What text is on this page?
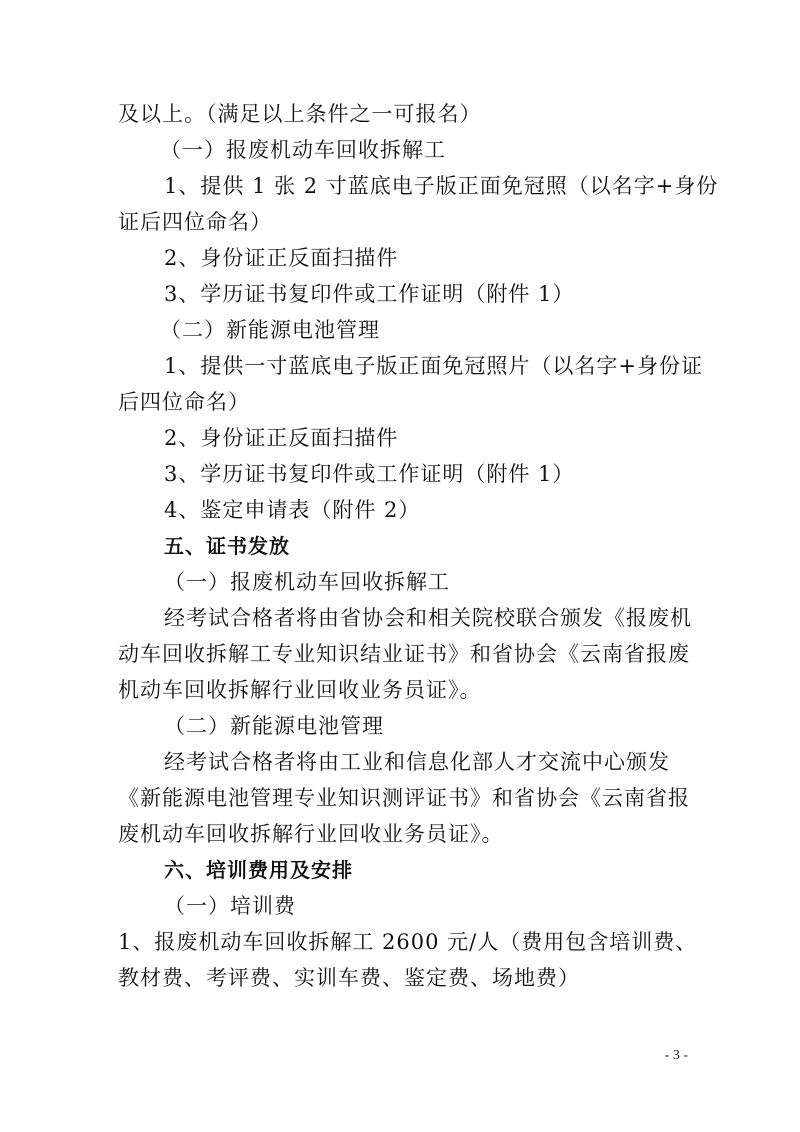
及以上。（满足以上条件之一可报名）
（一）报废机动车回收拆解工
1、提供 1 张 2 寸蓝底电子版正面免冠照（以名字+身份
证后四位命名）
2、身份证正反面扫描件
3、学历证书复印件或工作证明（附件 1）
（二）新能源电池管理
1、提供一寸蓝底电子版正面免冠照片（以名字+身份证
后四位命名）
2、身份证正反面扫描件
3、学历证书复印件或工作证明（附件 1）
4、鉴定申请表（附件 2）
五、证书发放
（一）报废机动车回收拆解工
经考试合格者将由省协会和相关院校联合颁发《报废机
动车回收拆解工专业知识结业证书》和省协会《云南省报废
机动车回收拆解行业回收业务员证》。
（二）新能源电池管理
经考试合格者将由工业和信息化部人才交流中心颁发
《新能源电池管理专业知识测评证书》和省协会《云南省报
废机动车回收拆解行业回收业务员证》。
六、培训费用及安排
（一）培训费
1、报废机动车回收拆解工 2600 元/人（费用包含培训费、
教材费、考评费、实训车费、鉴定费、场地费）
- 3 -
